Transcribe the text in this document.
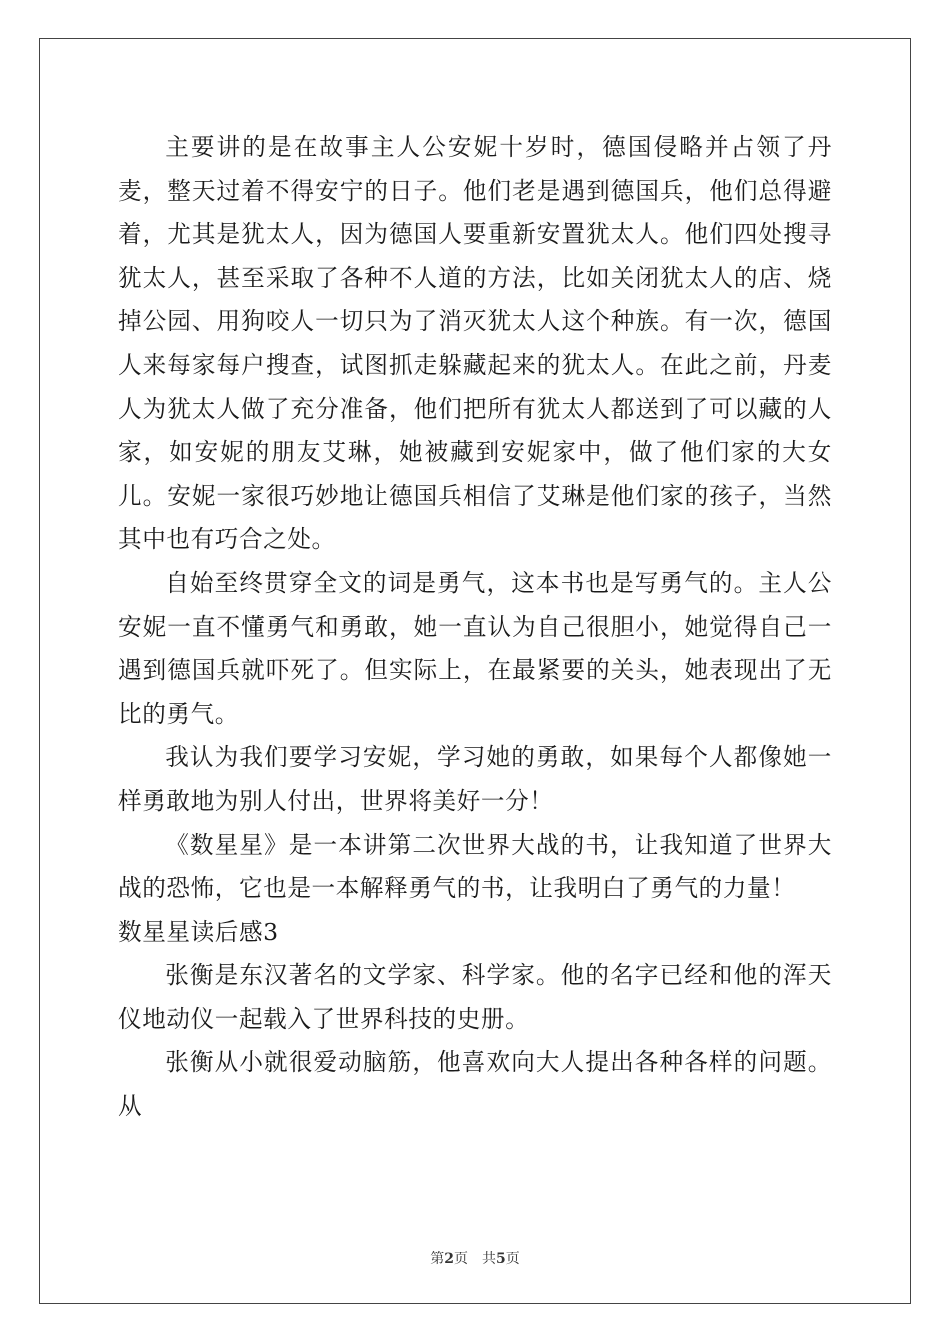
主要讲的是在故事主人公安妮十岁时，德国侵略并占领了丹麦，整天过着不得安宁的日子。他们老是遇到德国兵，他们总得避着，尤其是犹太人，因为德国人要重新安置犹太人。他们四处搜寻犹太人，甚至采取了各种不人道的方法，比如关闭犹太人的店、烧掉公园、用狗咬人一切只为了消灭犹太人这个种族。有一次，德国人来每家每户搜查，试图抓走躲藏起来的犹太人。在此之前，丹麦人为犹太人做了充分准备，他们把所有犹太人都送到了可以藏的人家，如安妮的朋友艾琳，她被藏到安妮家中，做了他们家的大女儿。安妮一家很巧妙地让德国兵相信了艾琳是他们家的孩子，当然其中也有巧合之处。

自始至终贯穿全文的词是勇气，这本书也是写勇气的。主人公安妮一直不懂勇气和勇敢，她一直认为自己很胆小，她觉得自己一遇到德国兵就吓死了。但实际上，在最紧要的关头，她表现出了无比的勇气。

我认为我们要学习安妮，学习她的勇敢，如果每个人都像她一样勇敢地为别人付出，世界将美好一分！

《数星星》是一本讲第二次世界大战的书，让我知道了世界大战的恐怖，它也是一本解释勇气的书，让我明白了勇气的力量！

数星星读后感3

张衡是东汉著名的文学家、科学家。他的名字已经和他的浑天仪地动仪一起载入了世界科技的史册。

张衡从小就很爱动脑筋，他喜欢向大人提出各种各样的问题。从

第2页 共5页
